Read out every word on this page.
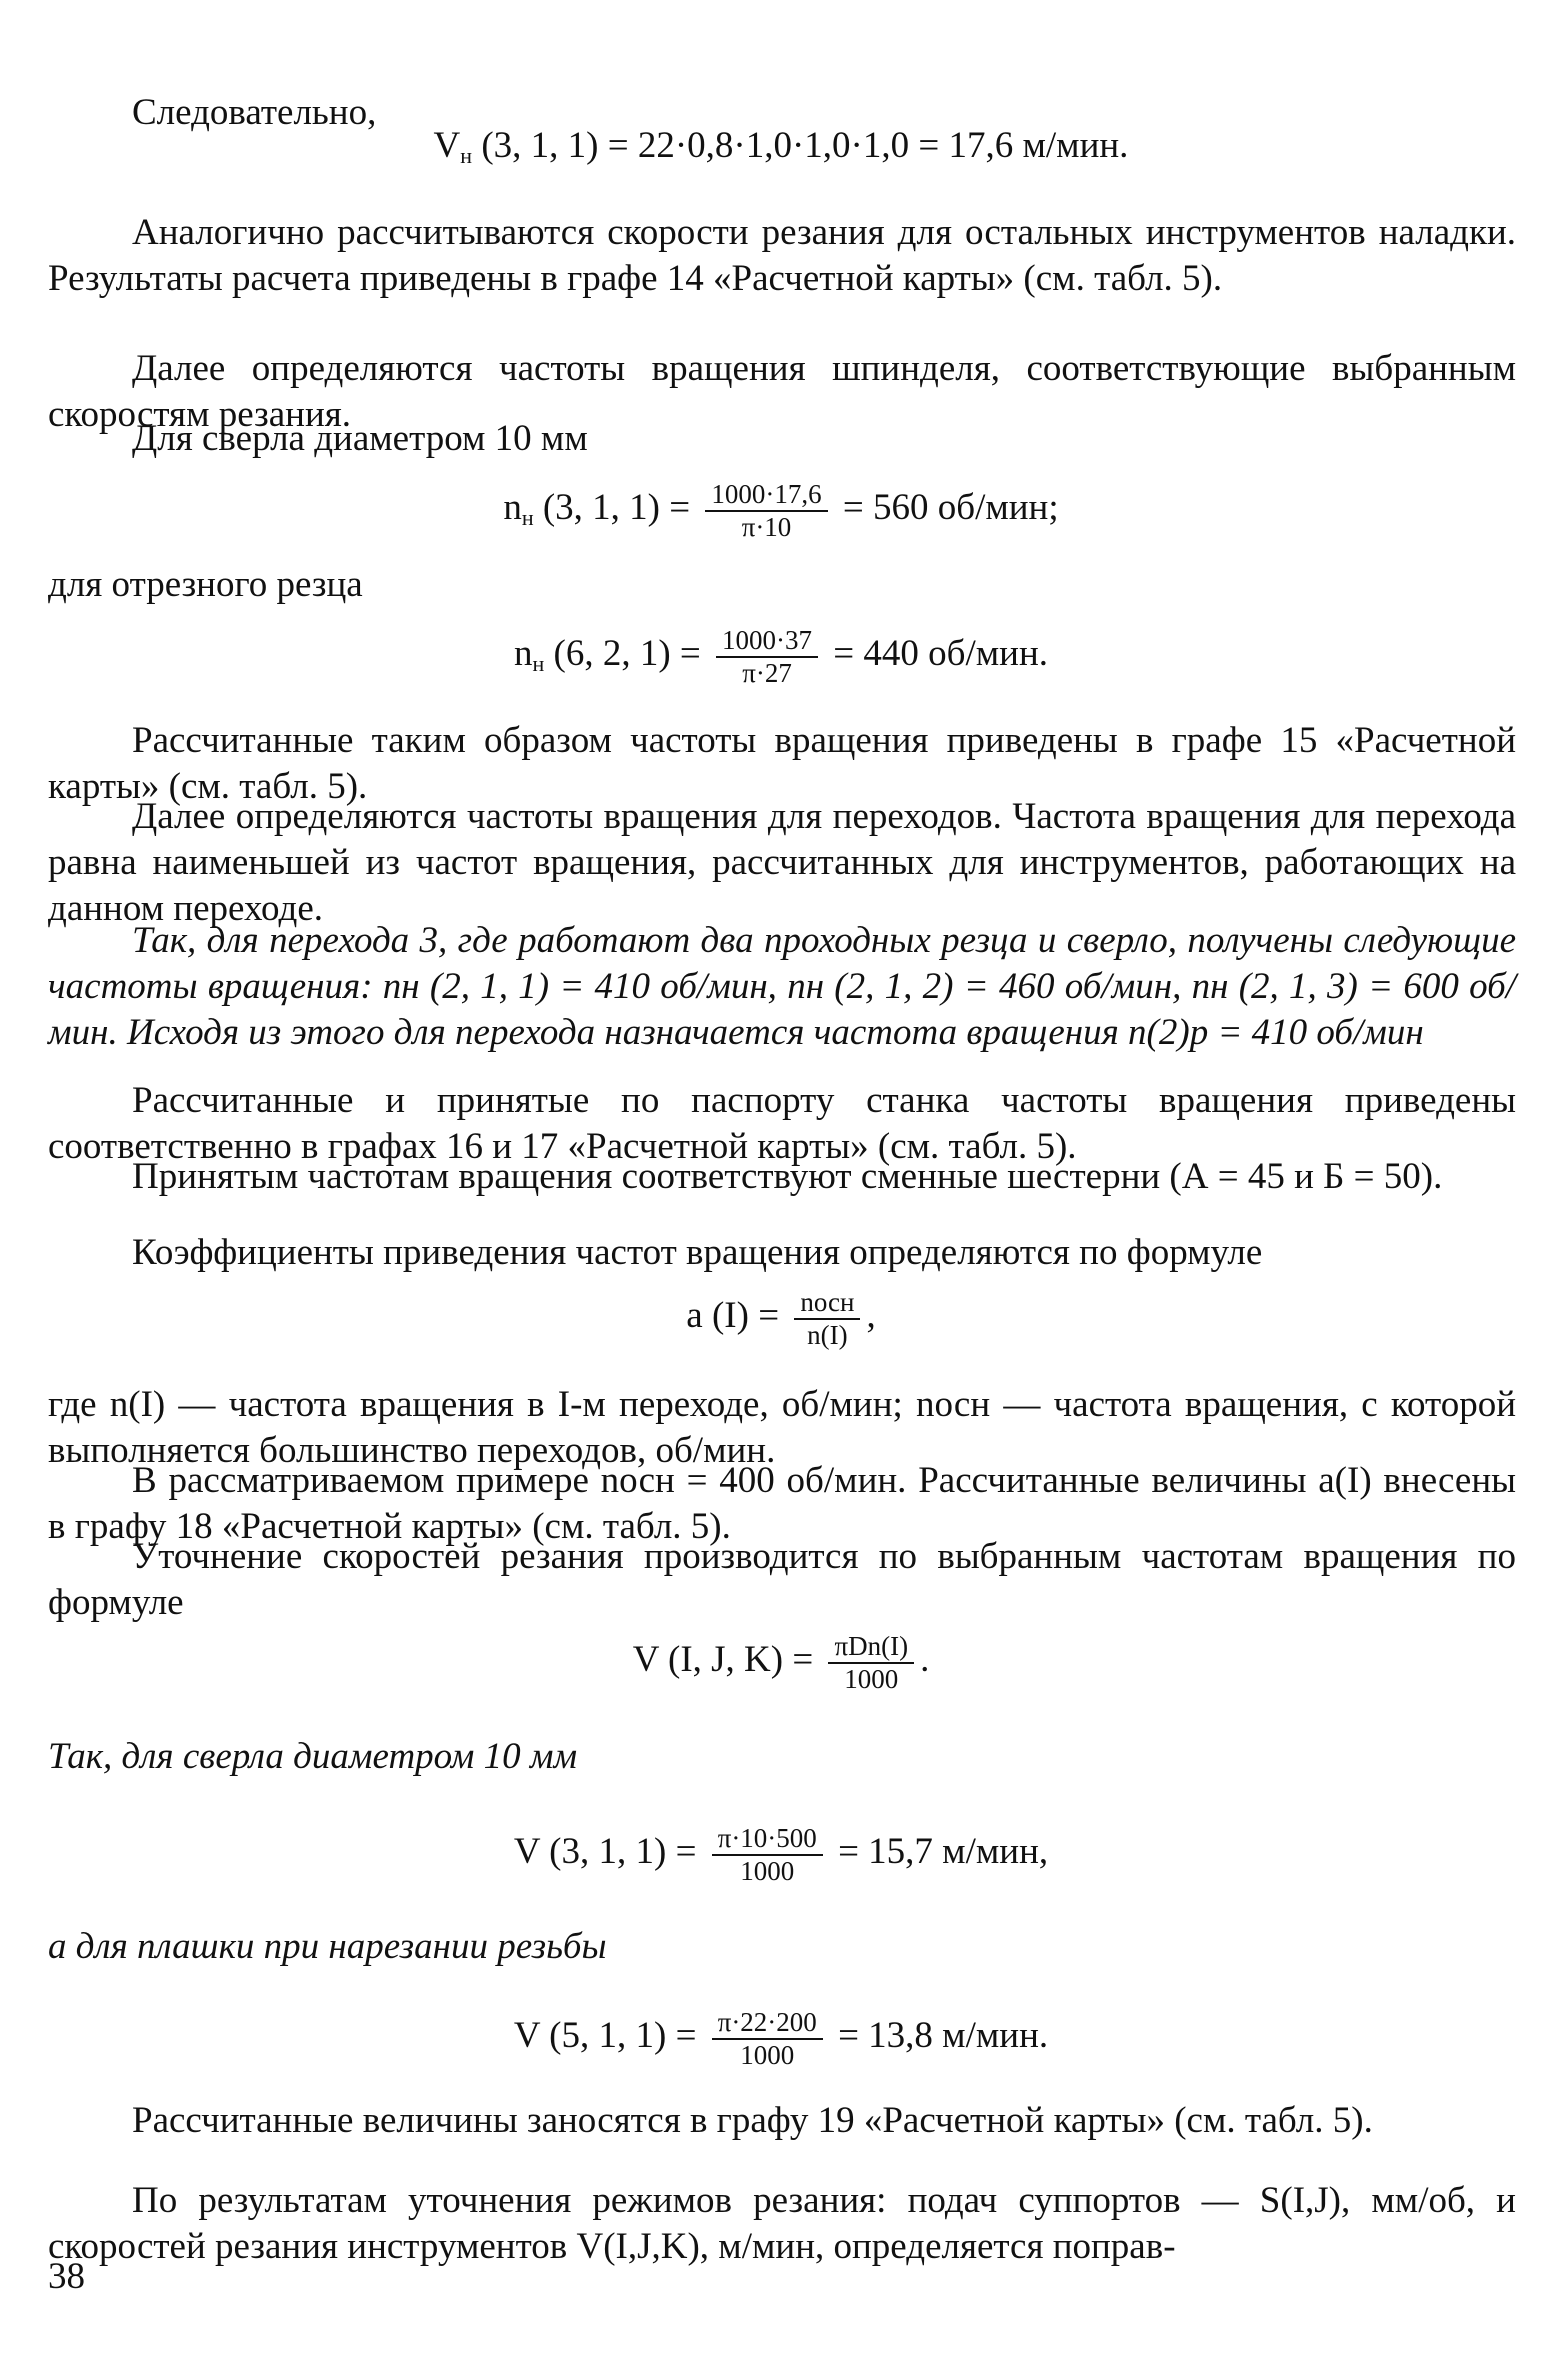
Следовательно,

$V_н$ (3, 1, 1) = 22·0,8·1,0·1,0·1,0 = 17,6 м/мин.

Аналогично рассчитываются скорости резания для остальных инструментов наладки. Результаты расчета приведены в графе 14 «Расчетной карты» (см. табл. 5).

Далее определяются частоты вращения шпинделя, соответствующие выбранным скоростям резания.

Для сверла диаметром 10 мм

$n_н$ (3, 1, $1) = \frac{1000\cdot 17,6}{\pi\cdot 10} = 560$ об/мин;

для отрезного резца

$n_н$ (6, 2, $1) = \frac{1000\cdot 37}{\pi\cdot 27} = 440$ об/мин.

Рассчитанные таким образом частоты вращения приведены в графе 15 «Расчетной карты» (см. табл. 5).

Далее определяются частоты вращения для переходов. Частота вращения для перехода равна наименьшей из частот вращения, рассчитанных для инструментов, работающих на данном переходе.

Так, для перехода 3, где работают два проходных резца и сверло, получены следующие частоты вращения: nн (2, 1, 1) = 410 об/мин, nн (2, 1, 2) = 460 об/мин, nн (2, 1, 3) = 600 об/мин. Исходя из этого для перехода назначается частота вращения n(2)р = 410 об/мин

Рассчитанные и принятые по паспорту станка частоты вращения приведены соответственно в графах 16 и 17 «Расчетной карты» (см. табл. 5).

Принятым частотам вращения соответствуют сменные шестерни (А = 45 и Б = 50).

Коэффициенты приведения частот вращения определяются по формуле

a $(I) = \frac{\text{nосн}}{n(I)}$ ,

где n(I) — частота вращения в I-м переходе, об/мин; nосн — частота вращения, с которой выполняется большинство переходов, об/мин.

В рассматриваемом примере nосн = 400 об/мин. Рассчитанные величины a(I) внесены в графу 18 «Расчетной карты» (см. табл. 5).

Уточнение скоростей резания производится по выбранным частотам вращения по формуле

V (I, J, $K) = \frac{\text{πDn(I)}}{1000}$ .

Так, для сверла диаметром 10 мм

V (3, 1, $1) = \frac{\pi\cdot 10\cdot 500}{1000} = 15,7$ м/мин,

а для плашки при нарезании резьбы

V (5, 1, $1) = \frac{\pi\cdot 22\cdot 200}{1000} = 13,8$ м/мин.

Рассчитанные величины заносятся в графу 19 «Расчетной карты» (см. табл. 5).

По результатам уточнения режимов резания: подач суппортов — S(I,J), мм/об, и скоростей резания инструментов V(I,J,K), м/мин, определяется поправ-

38
